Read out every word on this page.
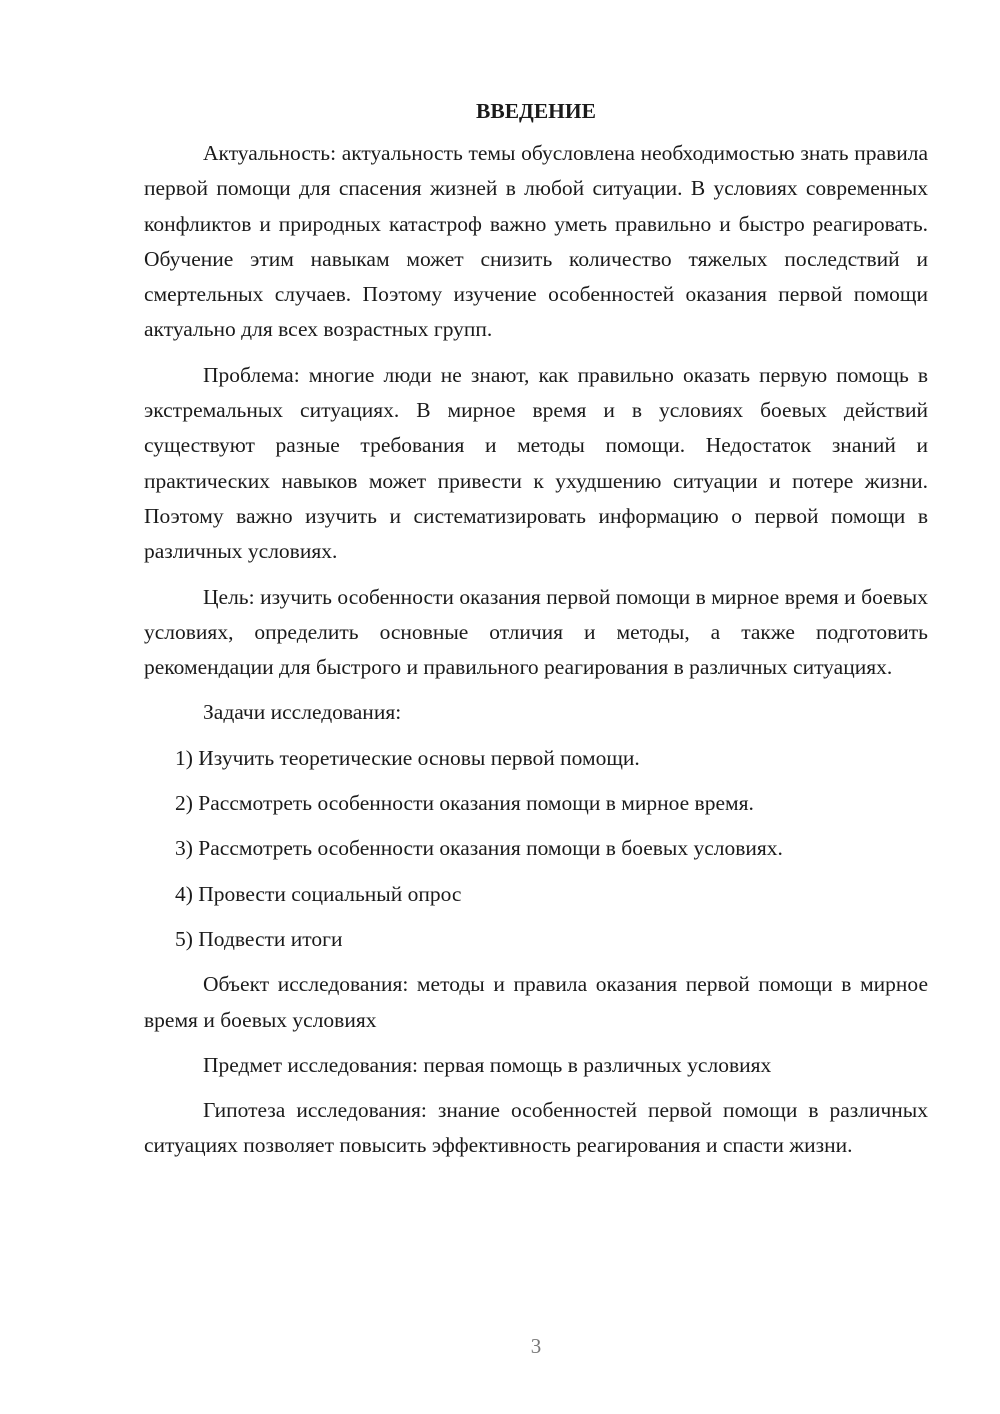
ВВЕДЕНИЕ

Актуальность: актуальность темы обусловлена необходимостью знать правила первой помощи для спасения жизней в любой ситуации. В условиях современных конфликтов и природных катастроф важно уметь правильно и быстро реагировать. Обучение этим навыкам может снизить количество тяжелых последствий и смертельных случаев. Поэтому изучение особенностей оказания первой помощи актуально для всех возрастных групп.

Проблема: многие люди не знают, как правильно оказать первую помощь в экстремальных ситуациях. В мирное время и в условиях боевых действий существуют разные требования и методы помощи. Недостаток знаний и практических навыков может привести к ухудшению ситуации и потере жизни. Поэтому важно изучить и систематизировать информацию о первой помощи в различных условиях.

Цель: изучить особенности оказания первой помощи в мирное время и боевых условиях, определить основные отличия и методы, а также подготовить рекомендации для быстрого и правильного реагирования в различных ситуациях.

Задачи исследования:

1) Изучить теоретические основы первой помощи.
2) Рассмотреть особенности оказания помощи в мирное время.
3) Рассмотреть особенности оказания помощи в боевых условиях.
4) Провести социальный опрос
5) Подвести итоги

Объект исследования: методы и правила оказания первой помощи в мирное время и боевых условиях

Предмет исследования: первая помощь в различных условиях

Гипотеза исследования: знание особенностей первой помощи в различных ситуациях позволяет повысить эффективность реагирования и спасти жизни.

3
